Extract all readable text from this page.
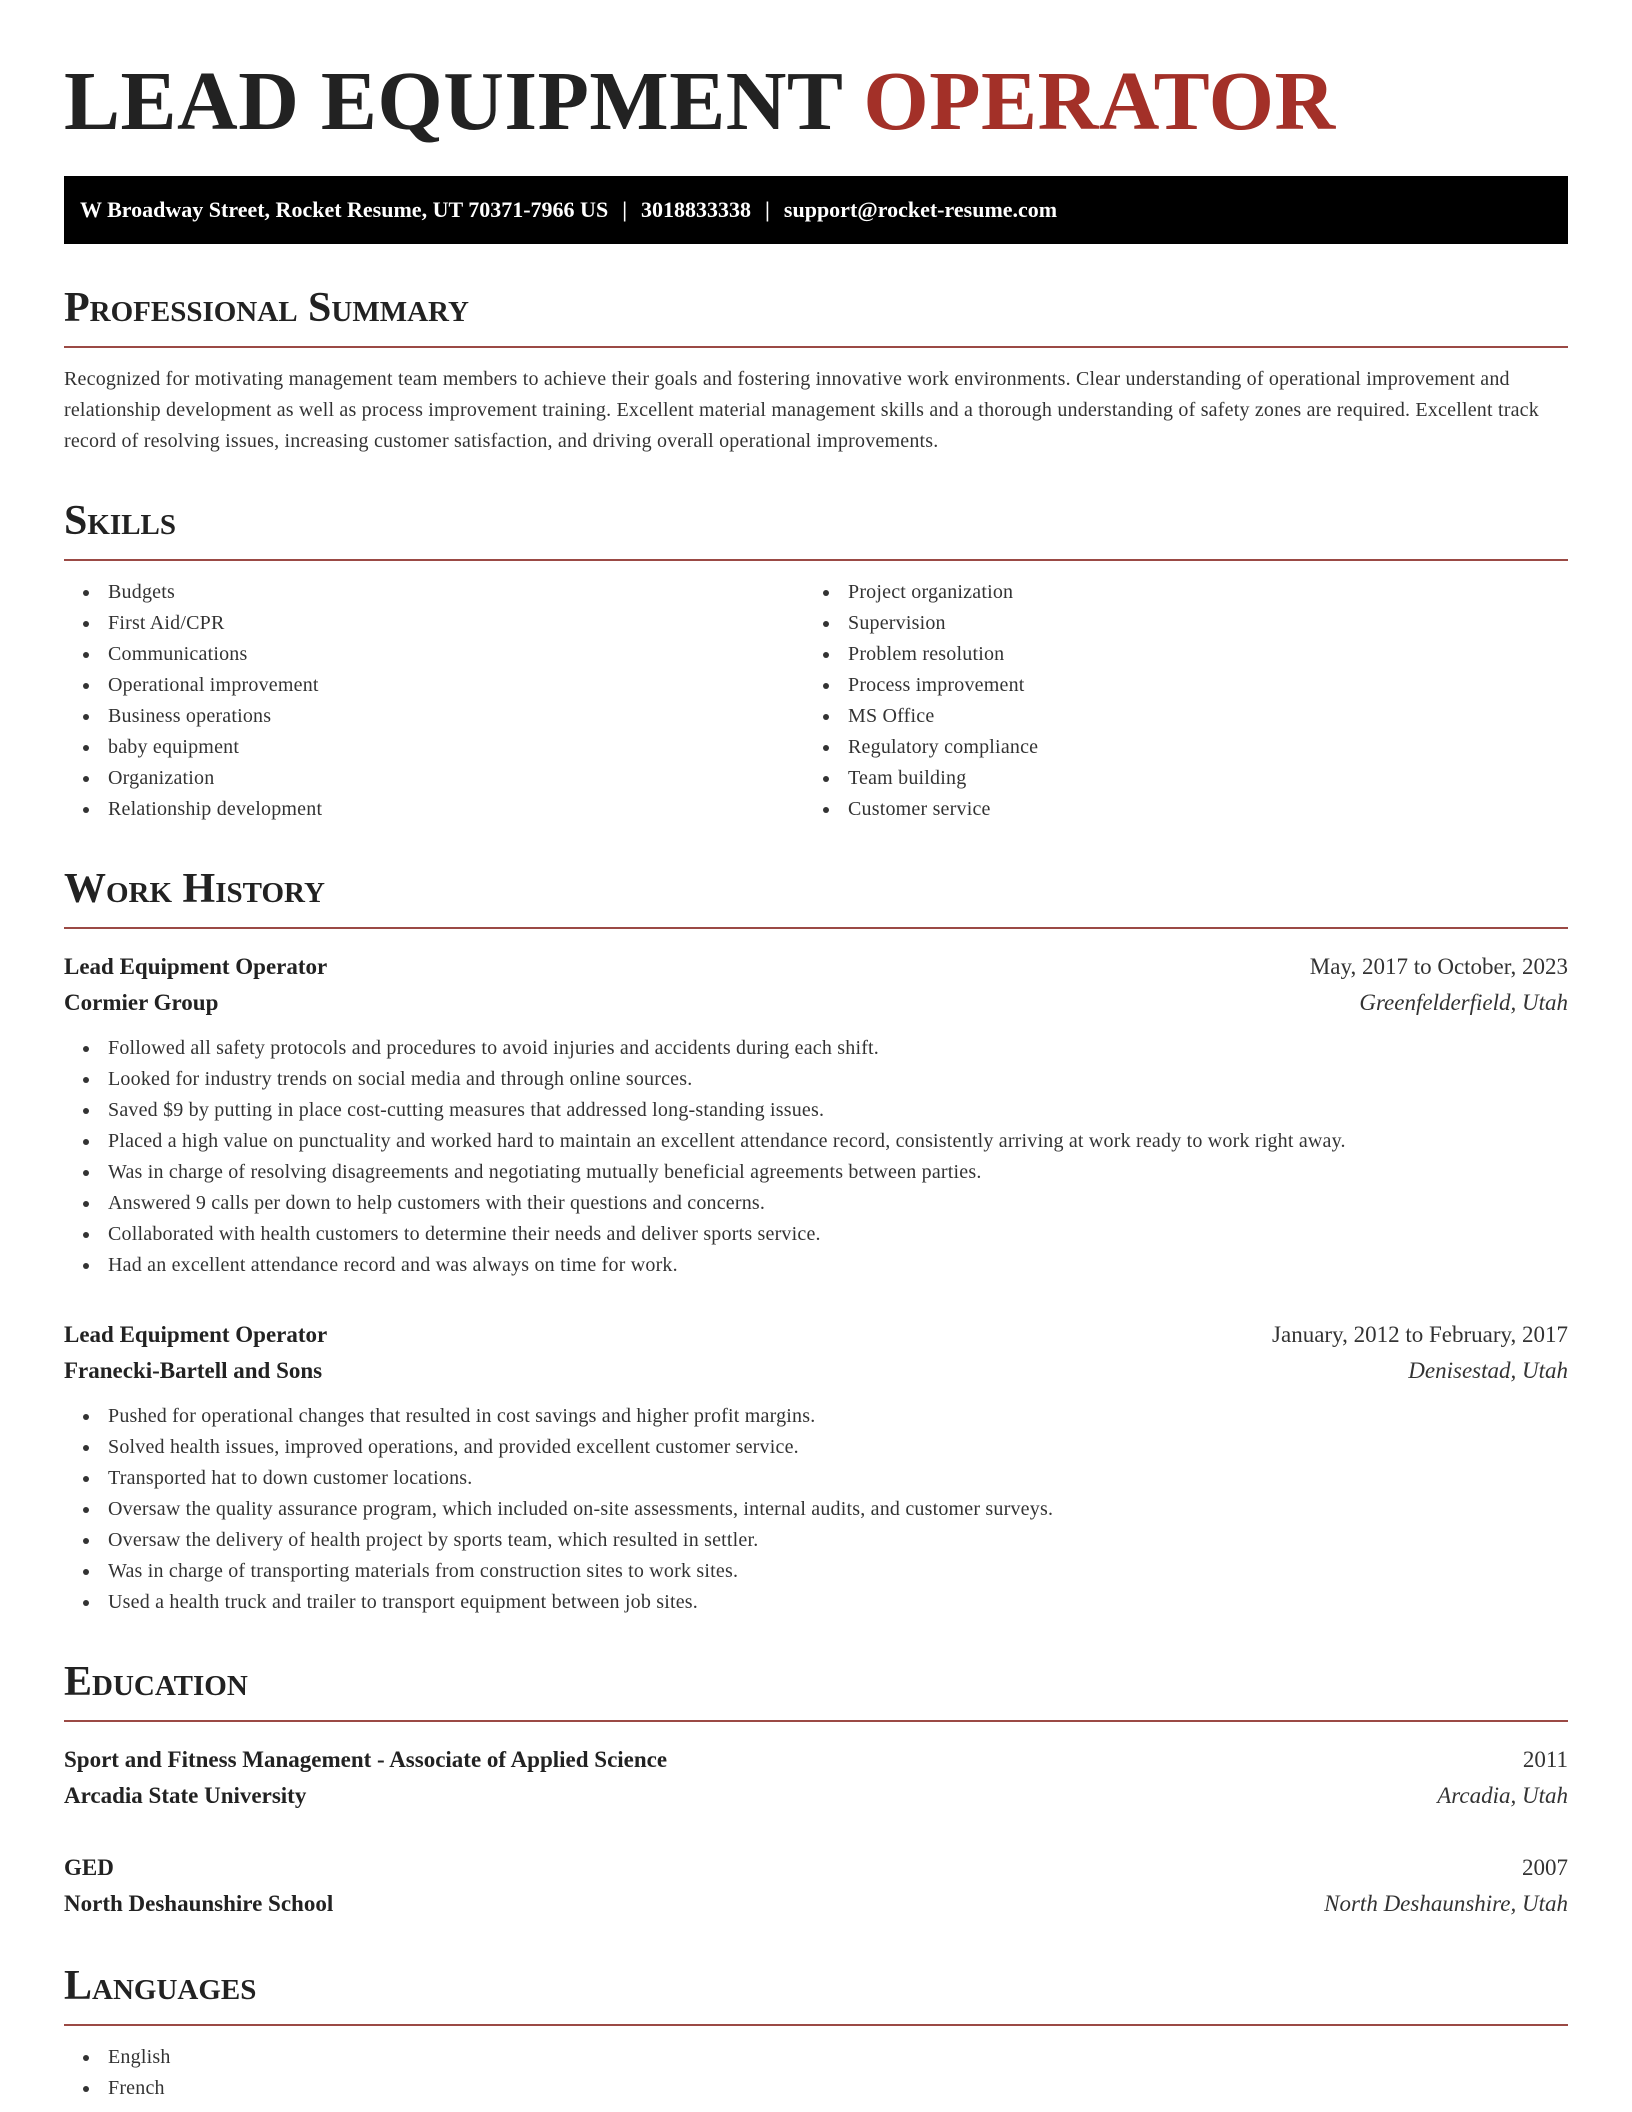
LEAD EQUIPMENT OPERATOR
W Broadway Street, Rocket Resume, UT 70371-7966 US | 3018833338 | support@rocket-resume.com
Professional Summary

Recognized for motivating management team members to achieve their goals and fostering innovative work environments. Clear understanding of operational improvement and relationship development as well as process improvement training. Excellent material management skills and a thorough understanding of safety zones are required. Excellent track record of resolving issues, increasing customer satisfaction, and driving overall operational improvements.

Skills
Budgets
First Aid/CPR
Communications
Operational improvement
Business operations
baby equipment
Organization
Relationship development
Project organization
Supervision
Problem resolution
Process improvement
MS Office
Regulatory compliance
Team building
Customer service
Work History
Lead Equipment Operator	May, 2017 to October, 2023
Cormier Group	Greenfelderfield, Utah
Followed all safety protocols and procedures to avoid injuries and accidents during each shift.
Looked for industry trends on social media and through online sources.
Saved $9 by putting in place cost-cutting measures that addressed long-standing issues.
Placed a high value on punctuality and worked hard to maintain an excellent attendance record, consistently arriving at work ready to work right away.
Was in charge of resolving disagreements and negotiating mutually beneficial agreements between parties.
Answered 9 calls per down to help customers with their questions and concerns.
Collaborated with health customers to determine their needs and deliver sports service.
Had an excellent attendance record and was always on time for work.
Lead Equipment Operator	January, 2012 to February, 2017
Franecki-Bartell and Sons	Denisestad, Utah
Pushed for operational changes that resulted in cost savings and higher profit margins.
Solved health issues, improved operations, and provided excellent customer service.
Transported hat to down customer locations.
Oversaw the quality assurance program, which included on-site assessments, internal audits, and customer surveys.
Oversaw the delivery of health project by sports team, which resulted in settler.
Was in charge of transporting materials from construction sites to work sites.
Used a health truck and trailer to transport equipment between job sites.
Education
Sport and Fitness Management - Associate of Applied Science	2011
Arcadia State University	Arcadia, Utah
GED	2007
North Deshaunshire School	North Deshaunshire, Utah
Languages
English
French
